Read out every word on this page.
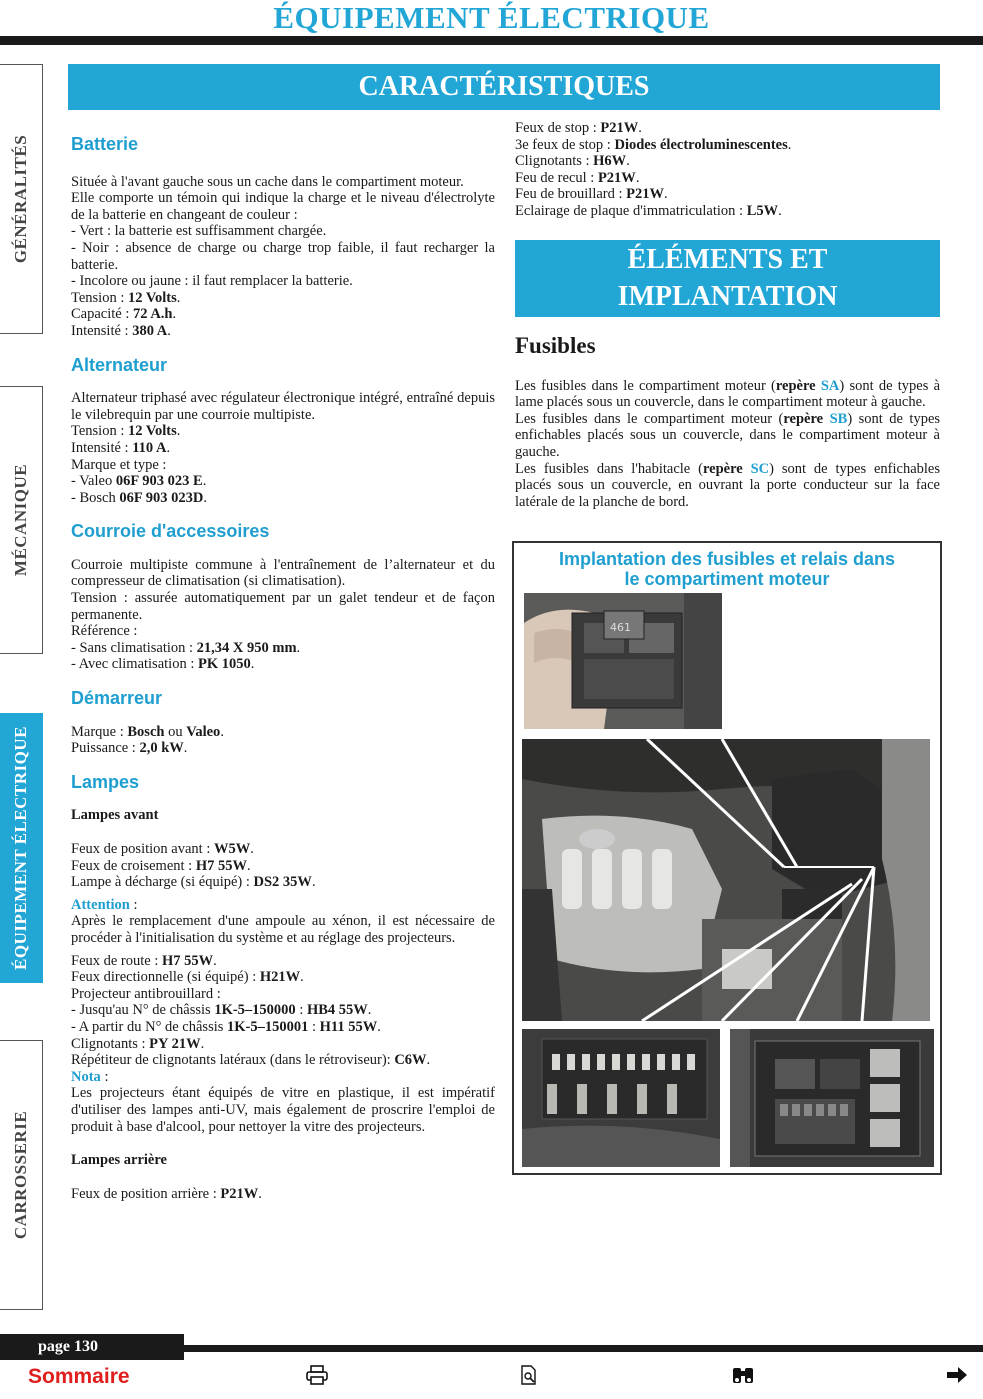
ÉQUIPEMENT ÉLECTRIQUE
GÉNÉRALITÉS
MÉCANIQUE
ÉQUIPEMENT ÉLECTRIQUE
CARROSSERIE
CARACTÉRISTIQUES

Batterie

Située à l'avant gauche sous un cache dans le compartiment moteur.

Elle comporte un témoin qui indique la charge et le niveau d'électrolyte de la batterie en changeant de couleur :

- Vert : la batterie est suffisamment chargée.

- Noir : absence de charge ou charge trop faible, il faut recharger la batterie.

- Incolore ou jaune : il faut remplacer la batterie.

Tension : 12 Volts.

Capacité : 72 A.h.

Intensité : 380 A.

Alternateur

Alternateur triphasé avec régulateur électronique intégré, entraîné depuis le vilebrequin par une courroie multipiste.

Tension : 12 Volts.

Intensité : 110 A.

Marque et type :

- Valeo 06F 903 023 E.

- Bosch 06F 903 023D.

Courroie d'accessoires

Courroie multipiste commune à l'entraînement de l’alternateur et du compresseur de climatisation (si climatisation).

Tension : assurée automatiquement par un galet tendeur et de façon permanente.

Référence :

- Sans climatisation : 21,34 X 950 mm.

- Avec climatisation : PK 1050.

Démarreur

Marque : Bosch ou Valeo.

Puissance : 2,0 kW.

Lampes

Lampes avant

Feux de position avant : W5W.

Feux de croisement : H7 55W.

Lampe à décharge (si équipé) : DS2 35W.

Attention :

Après le remplacement d'une ampoule au xénon, il est nécessaire de procéder à l'initialisation du système et au réglage des projecteurs.

Feux de route : H7 55W.

Feux directionnelle (si équipé) : H21W.

Projecteur antibrouillard :

- Jusqu'au N° de châssis 1K-5–150000 : HB4 55W.

- A partir du N° de châssis 1K-5–150001 : H11 55W.

Clignotants : PY 21W.

Répétiteur de clignotants latéraux (dans le rétroviseur): C6W.

Nota :

Les projecteurs étant équipés de vitre en plastique, il est impératif d'utiliser des lampes anti-UV, mais également de proscrire l'emploi de produit à base d'alcool, pour nettoyer la vitre des projecteurs.

Lampes arrière

Feux de position arrière : P21W.

Feux de stop : P21W.

3e feux de stop : Diodes électroluminescentes.

Clignotants : H6W.

Feu de recul : P21W.

Feu de brouillard : P21W.

Eclairage de plaque d'immatriculation : L5W.

ÉLÉMENTS ET
IMPLANTATION

Fusibles

Les fusibles dans le compartiment moteur (repère SA) sont de types à lame placés sous un couvercle, dans le compartiment moteur à gauche.

Les fusibles dans le compartiment moteur (repère SB) sont de types enfichables placés sous un couvercle, dans le compartiment moteur à gauche.

Les fusibles dans l'habitacle (repère SC) sont de types enfichables placés sous un couvercle, en ouvrant la porte conducteur sur la face latérale de la planche de bord.

Implantation des fusibles et relais dans
le compartiment moteur
461
page 130
Sommaire
